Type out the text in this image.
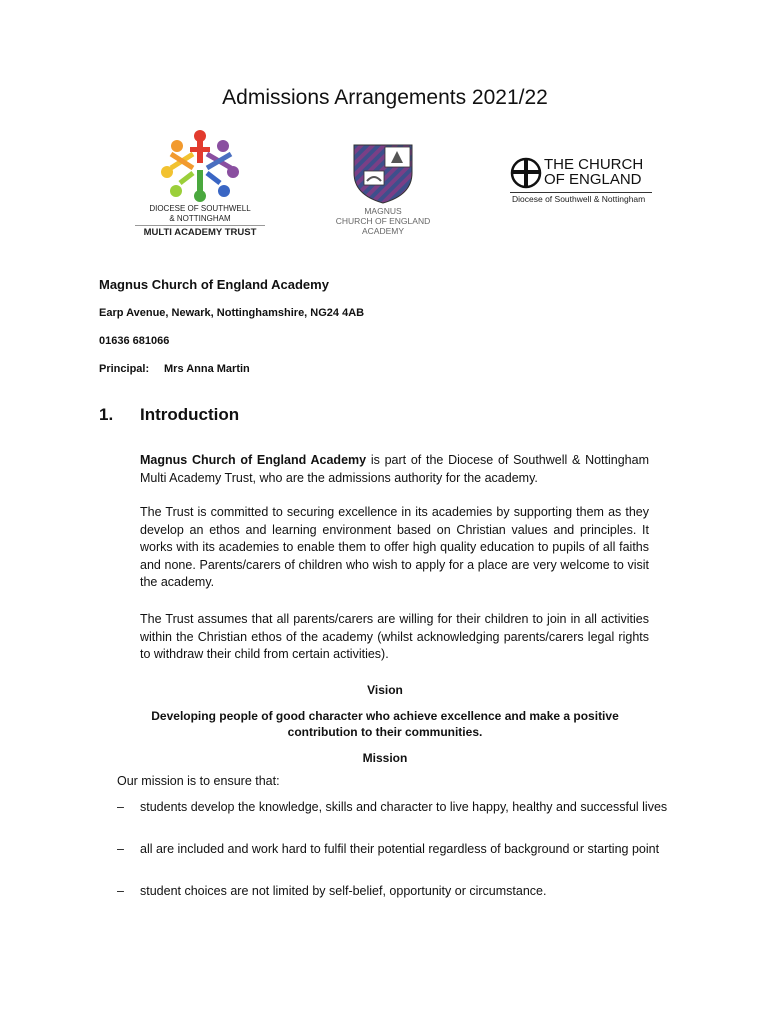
Admissions Arrangements 2021/22
DIOCESE OF SOUTHWELL
& NOTTINGHAM
MULTI ACADEMY TRUST
MAGNUS
CHURCH OF ENGLAND
ACADEMY
THE CHURCH
OF ENGLAND
Diocese of Southwell & Nottingham
Magnus Church of England Academy
Earp Avenue, Newark, Nottinghamshire, NG24 4AB
01636 681066
Principal: Mrs Anna Martin
1. Introduction

Magnus Church of England Academy is part of the Diocese of Southwell & Nottingham Multi Academy Trust, who are the admissions authority for the academy.

The Trust is committed to securing excellence in its academies by supporting them as they develop an ethos and learning environment based on Christian values and principles. It works with its academies to enable them to offer high quality education to pupils of all faiths and none. Parents/carers of children who wish to apply for a place are very welcome to visit the academy.

The Trust assumes that all parents/carers are willing for their children to join in all activities within the Christian ethos of the academy (whilst acknowledging parents/carers legal rights to withdraw their child from certain activities).

Vision
Developing people of good character who achieve excellence and make a positive contribution to their communities.
Mission
Our mission is to ensure that:
– students develop the knowledge, skills and character to live happy, healthy and successful lives
– all are included and work hard to fulfil their potential regardless of background or starting point
– student choices are not limited by self-belief, opportunity or circumstance.
